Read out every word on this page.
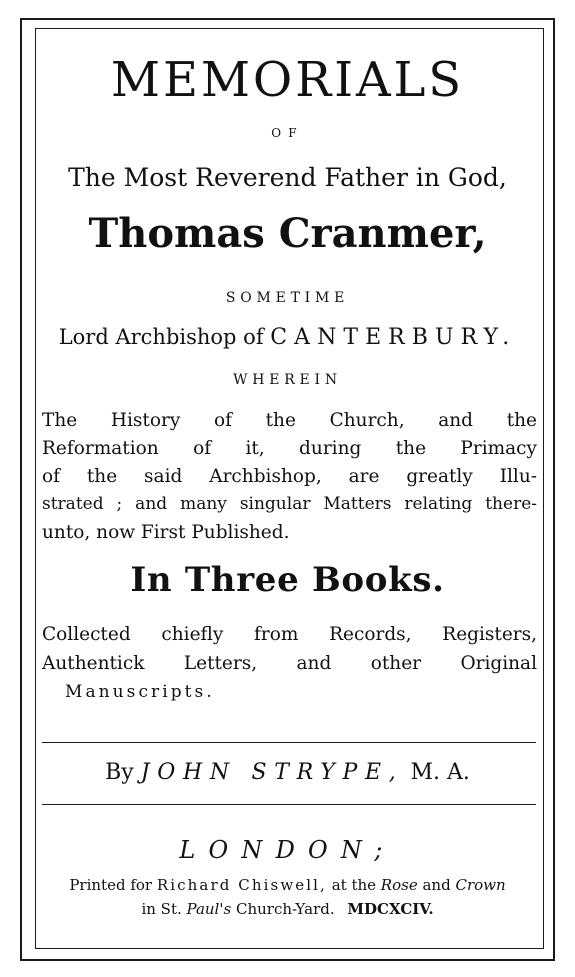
MEMORIALS
OF
The Most Reverend Father in God,
Thomas Cranmer,
SOMETIME
Lord Archbishop of CANTERBURY.
WHEREIN
The History of the Church, and the
Reformation of it, during the Primacy
of the said Archbishop, are greatly Illu-
strated ; and many singular Matters relating there-
unto, now First Published.
In Three Books.
Collected chiefly from Records, Registers,
Authentick Letters, and other Original
Manuscripts.
By JOHN STRYPE, M. A.
LONDON;
Printed for Richard Chiswell, at the Rose and Crown
in St. Paul's Church-Yard. MDCXCIV.
